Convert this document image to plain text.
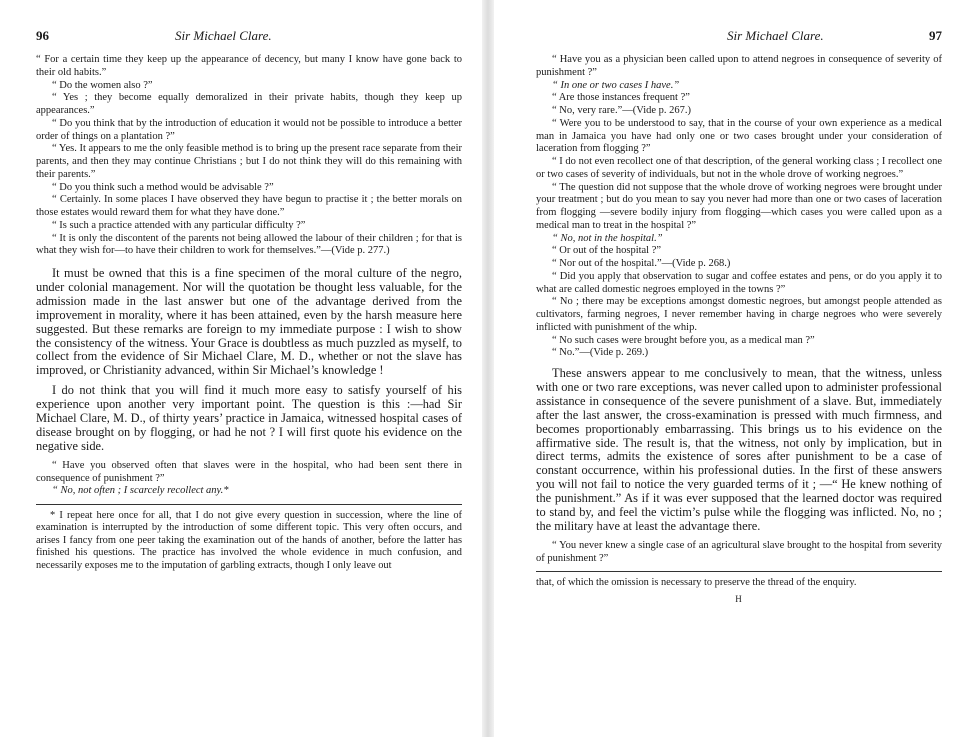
96	Sir Michael Clare.

“ For a certain time they keep up the appearance of decency, but many I know have gone back to their old habits.”

“ Do the women also ?”

“ Yes ; they become equally demoralized in their private habits, though they keep up appearances.”

“ Do you think that by the introduction of education it would not be possible to introduce a better order of things on a plantation ?”

“ Yes. It appears to me the only feasible method is to bring up the present race separate from their parents, and then they may continue Christians ; but I do not think they will do this remaining with their parents.”

“ Do you think such a method would be advisable ?”

“ Certainly. In some places I have observed they have begun to practise it ; the better morals on those estates would reward them for what they have done.”

“ Is such a practice attended with any particular difficulty ?”

“ It is only the discontent of the parents not being allowed the labour of their children ; for that is what they wish for—to have their children to work for themselves.”—(Vide p. 277.)

It must be owned that this is a fine specimen of the moral culture of the negro, under colonial management. Nor will the quotation be thought less valuable, for the admission made in the last answer but one of the advantage derived from the improvement in morality, where it has been attained, even by the harsh measure here suggested. But these remarks are foreign to my immediate purpose : I wish to show the consistency of the witness. Your Grace is doubtless as much puzzled as myself, to collect from the evidence of Sir Michael Clare, M. D., whether or not the slave has improved, or Christianity advanced, within Sir Michael’s knowledge !

I do not think that you will find it much more easy to satisfy yourself of his experience upon another very important point. The question is this :—had Sir Michael Clare, M. D., of thirty years’ practice in Jamaica, witnessed hospital cases of disease brought on by flogging, or had he not ? I will first quote his evidence on the negative side.

“ Have you observed often that slaves were in the hospital, who had been sent there in consequence of punishment ?”

“ No, not often ; I scarcely recollect any.*

* I repeat here once for all, that I do not give every question in succession, where the line of examination is interrupted by the introduction of some different topic. This very often occurs, and arises I fancy from one peer taking the examination out of the hands of another, before the latter has finished his questions. The practice has involved the whole evidence in much confusion, and necessarily exposes me to the imputation of garbling extracts, though I only leave out

Sir Michael Clare.	97

“ Have you as a physician been called upon to attend negroes in consequence of severity of punishment ?”

“ In one or two cases I have.”

“ Are those instances frequent ?”

“ No, very rare.”—(Vide p. 267.)

“ Were you to be understood to say, that in the course of your own experience as a medical man in Jamaica you have had only one or two cases brought under your consideration of laceration from flogging ?”

“ I do not even recollect one of that description, of the general working class ; I recollect one or two cases of severity of individuals, but not in the whole drove of working negroes.”

“ The question did not suppose that the whole drove of working negroes were brought under your treatment ; but do you mean to say you never had more than one or two cases of laceration from flogging —severe bodily injury from flogging—which cases you were called upon as a medical man to treat in the hospital ?”

“ No, not in the hospital.”

“ Or out of the hospital ?”

“ Nor out of the hospital.”—(Vide p. 268.)

“ Did you apply that observation to sugar and coffee estates and pens, or do you apply it to what are called domestic negroes employed in the towns ?”

“ No ; there may be exceptions amongst domestic negroes, but amongst people attended as cultivators, farming negroes, I never remember having in charge negroes who were severely inflicted with punishment of the whip.

“ No such cases were brought before you, as a medical man ?”

“ No.”—(Vide p. 269.)

These answers appear to me conclusively to mean, that the witness, unless with one or two rare exceptions, was never called upon to administer professional assistance in consequence of the severe punishment of a slave. But, immediately after the last answer, the cross-examination is pressed with much firmness, and becomes proportionably embarrassing. This brings us to his evidence on the affirmative side. The result is, that the witness, not only by implication, but in direct terms, admits the existence of sores after punishment to be a case of constant occurrence, within his professional duties. In the first of these answers you will not fail to notice the very guarded terms of it ; —“ He knew nothing of the punishment.” As if it was ever supposed that the learned doctor was required to stand by, and feel the victim’s pulse while the flogging was inflicted. No, no ; the military have at least the advantage there.

“ You never knew a single case of an agricultural slave brought to the hospital from severity of punishment ?”

that, of which the omission is necessary to preserve the thread of the enquiry.

H
